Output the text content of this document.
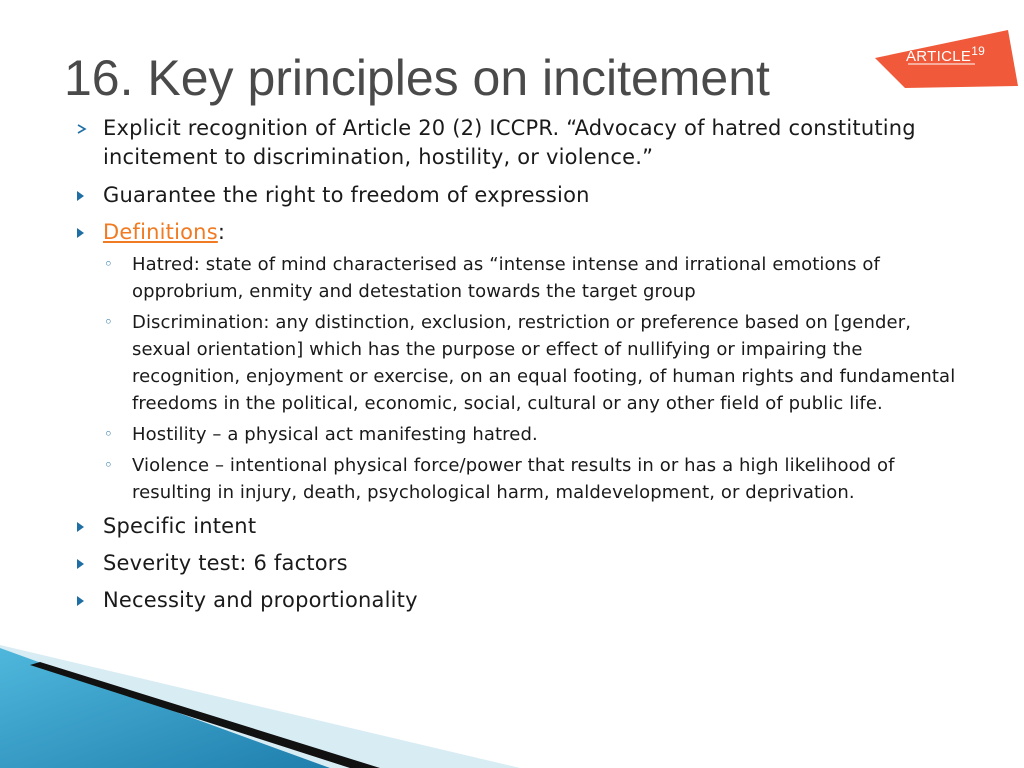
16. Key principles on incitement	ARTICLE$^{19}$
Explicit recognition of Article 20 (2) ICCPR. “Advocacy of hatred constituting incitement to discrimination, hostility, or violence.”
Guarantee the right to freedom of expression
Definitions:
◦ Hatred: state of mind characterised as “intense intense and irrational emotions of opprobrium, enmity and detestation towards the target group
◦ Discrimination: any distinction, exclusion, restriction or preference based on [gender, sexual orientation] which has the purpose or effect of nullifying or impairing the recognition, enjoyment or exercise, on an equal footing, of human rights and fundamental freedoms in the political, economic, social, cultural or any other field of public life.
◦ Hostility – a physical act manifesting hatred.
◦ Violence – intentional physical force/power that results in or has a high likelihood of resulting in injury, death, psychological harm, maldevelopment, or deprivation.
Specific intent
Severity test: 6 factors
Necessity and proportionality
